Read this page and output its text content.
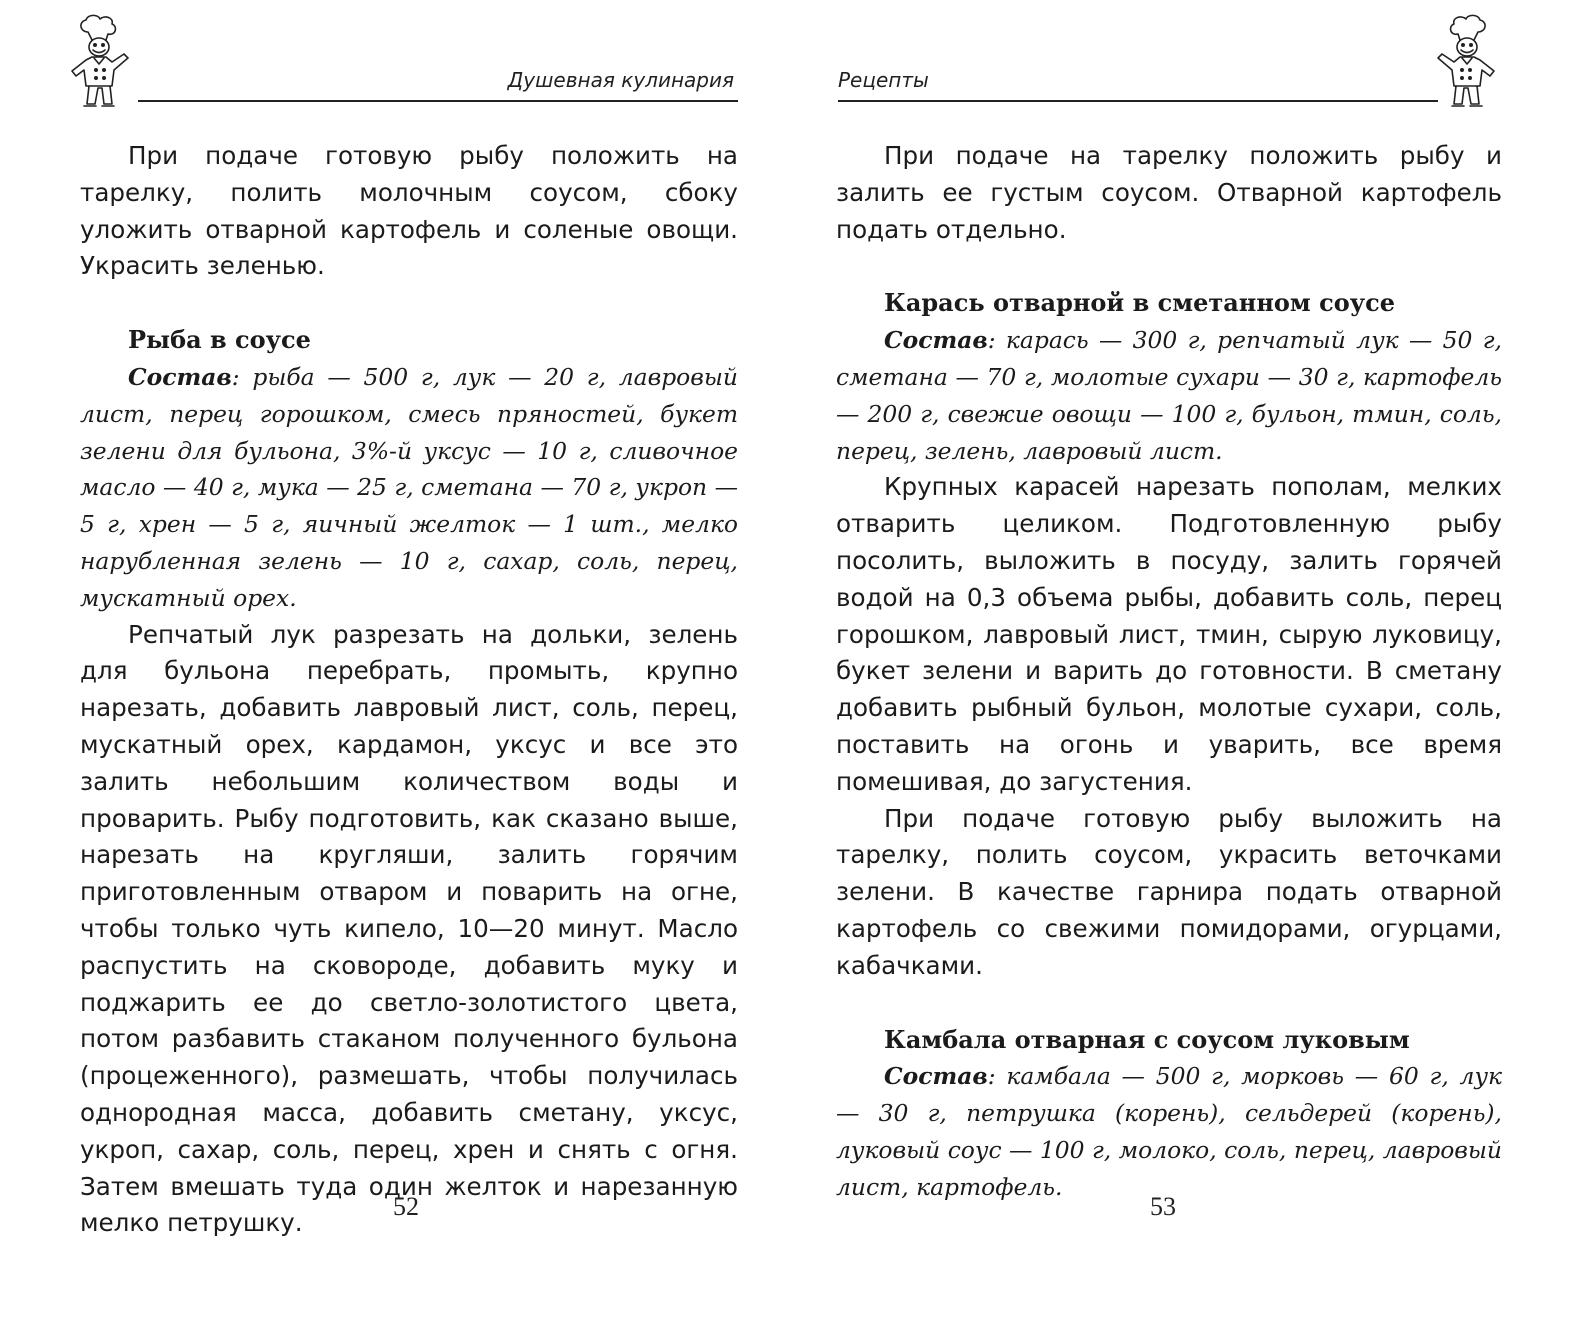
Душевная кулинария

При подаче готовую рыбу положить на тарелку, полить молочным соусом, сбоку уложить отварной картофель и соленые овощи. Украсить зеленью.

Рыба в соусе

Состав: рыба — 500 г, лук — 20 г, лавровый лист, перец горошком, смесь пряностей, букет зелени для бульона, 3%-й уксус — 10 г, сливочное масло — 40 г, мука — 25 г, сметана — 70 г, укроп — 5 г, хрен — 5 г, яичный желток — 1 шт., мелко нарубленная зелень — 10 г, сахар, соль, перец, мускатный орех.

Репчатый лук разрезать на дольки, зелень для бульона перебрать, промыть, крупно нарезать, добавить лавровый лист, соль, перец, мускатный орех, кардамон, уксус и все это залить небольшим количеством воды и проварить. Рыбу подготовить, как сказано выше, нарезать на кругляши, залить горячим приготовленным отваром и поварить на огне, чтобы только чуть кипело, 10—20 минут. Масло распустить на сковороде, добавить муку и поджарить ее до светло-золотистого цвета, потом разбавить стаканом полученного бульона (процеженного), размешать, чтобы получилась однородная масса, добавить сметану, уксус, укроп, сахар, соль, перец, хрен и снять с огня. Затем вмешать туда один желток и нарезанную мелко петрушку.

52
Рецепты

При подаче на тарелку положить рыбу и залить ее густым соусом. Отварной картофель подать отдельно.

Карась отварной в сметанном соусе

Состав: карась — 300 г, репчатый лук — 50 г, сметана — 70 г, молотые сухари — 30 г, картофель — 200 г, свежие овощи — 100 г, бульон, тмин, соль, перец, зелень, лавровый лист.

Крупных карасей нарезать пополам, мелких отварить целиком. Подготовленную рыбу посолить, выложить в посуду, залить горячей водой на 0,3 объема рыбы, добавить соль, перец горошком, лавровый лист, тмин, сырую луковицу, букет зелени и варить до готовности. В сметану добавить рыбный бульон, молотые сухари, соль, поставить на огонь и уварить, все время помешивая, до загустения.

При подаче готовую рыбу выложить на тарелку, полить соусом, украсить веточками зелени. В качестве гарнира подать отварной картофель со свежими помидорами, огурцами, кабачками.

Камбала отварная с соусом луковым

Состав: камбала — 500 г, морковь — 60 г, лук — 30 г, петрушка (корень), сельдерей (корень), луковый соус — 100 г, молоко, соль, перец, лавровый лист, картофель.

53
